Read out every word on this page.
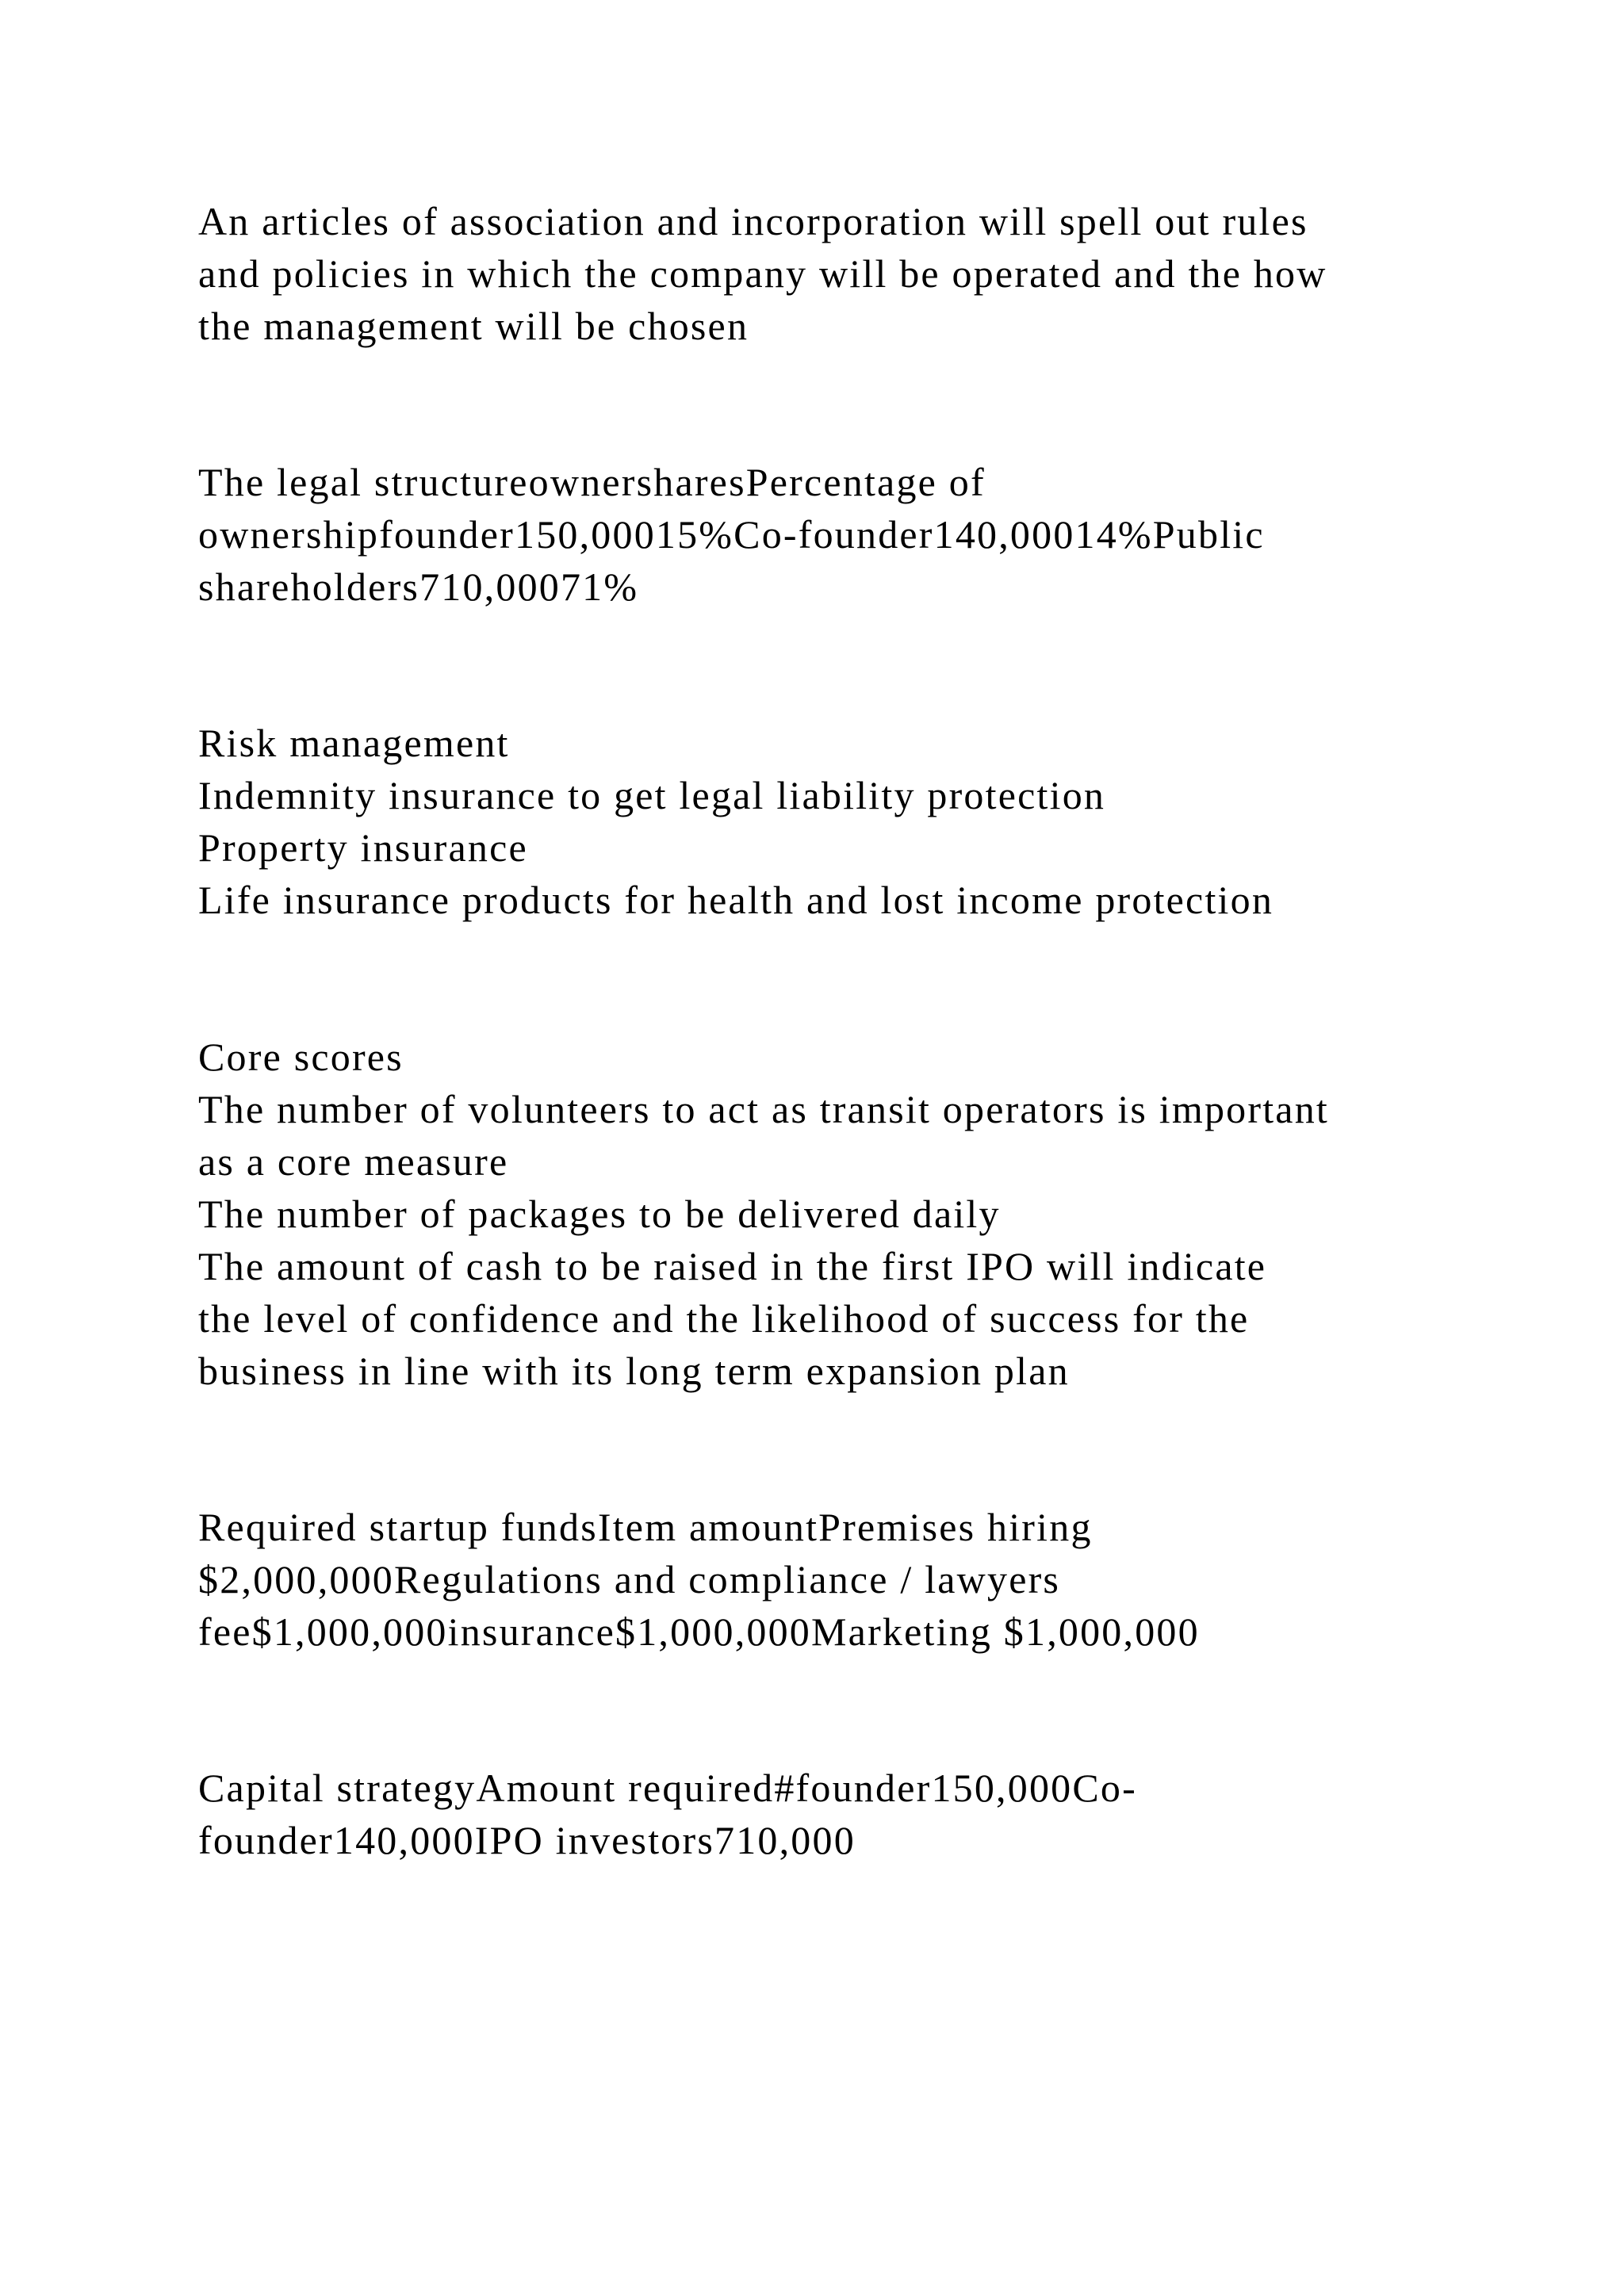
An articles of association and incorporation will spell out rules

and policies in which the company will be operated and the how

the management will be chosen

The legal structureownersharesPercentage of

ownershipfounder150,00015%Co-founder140,00014%Public

shareholders710,00071%

Risk management

Indemnity insurance to get legal liability protection

Property insurance

Life insurance products for health and lost income protection

Core scores

The number of volunteers to act as transit operators is important

as a core measure

The number of packages to be delivered daily

The amount of cash to be raised in the first IPO will indicate

the level of confidence and the likelihood of success for the

business in line with its long term expansion plan

Required startup fundsItem amountPremises hiring

$2,000,000Regulations and compliance / lawyers

fee$1,000,000insurance$1,000,000Marketing $1,000,000

Capital strategyAmount required#founder150,000Co-

founder140,000IPO investors710,000
